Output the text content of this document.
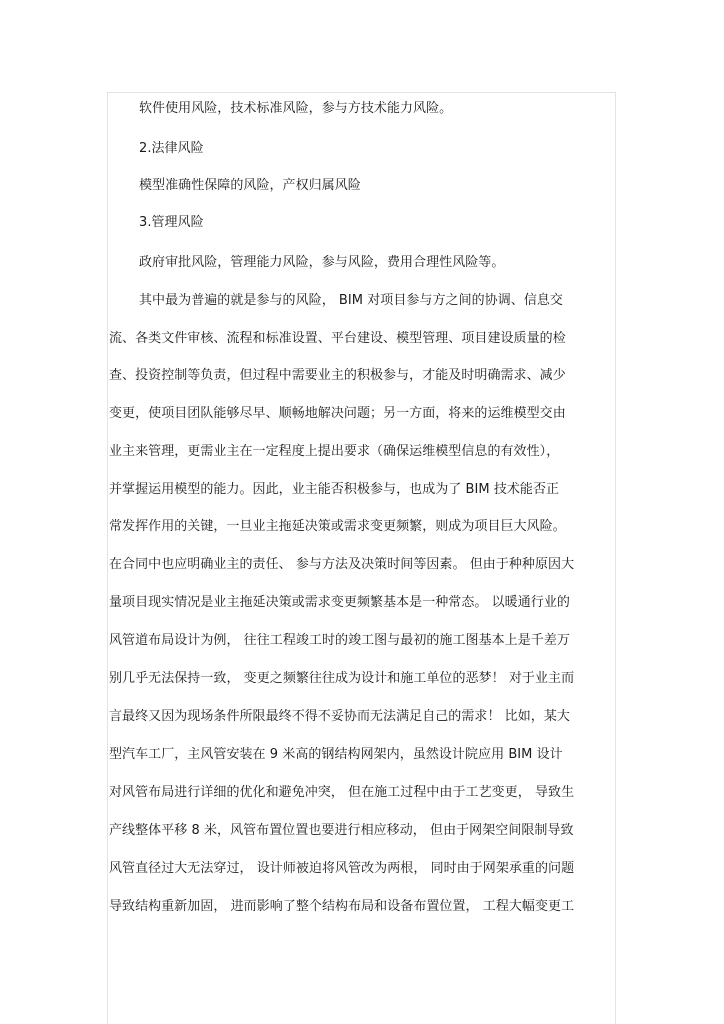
软件使用风险，技术标准风险，参与方技术能力风险。
2.法律风险
模型准确性保障的风险，产权归属风险
3.管理风险
政府审批风险，管理能力风险，参与风险，费用合理性风险等。
其中最为普遍的就是参与的风险， BIM 对项目参与方之间的协调、信息交
流、各类文件审核、流程和标准设置、平台建设、模型管理、项目建设质量的检
查、投资控制等负责，但过程中需要业主的积极参与，才能及时明确需求、减少
变更，使项目团队能够尽早、顺畅地解决问题；另一方面，将来的运维模型交由
业主来管理，更需业主在一定程度上提出要求（确保运维模型信息的有效性），
并掌握运用模型的能力。因此，业主能否积极参与，也成为了 BIM 技术能否正
常发挥作用的关键，一旦业主拖延决策或需求变更频繁，则成为项目巨大风险。
在合同中也应明确业主的责任、 参与方法及决策时间等因素。 但由于种种原因大
量项目现实情况是业主拖延决策或需求变更频繁基本是一种常态。 以暖通行业的
风管道布局设计为例， 往往工程竣工时的竣工图与最初的施工图基本上是千差万
别几乎无法保持一致， 变更之频繁往往成为设计和施工单位的恶梦！ 对于业主而
言最终又因为现场条件所限最终不得不妥协而无法满足自己的需求！ 比如，某大
型汽车工厂，主风管安装在 9 米高的钢结构网架内，虽然设计院应用 BIM 设计
对风管布局进行详细的优化和避免冲突， 但在施工过程中由于工艺变更， 导致生
产线整体平移 8 米，风管布置位置也要进行相应移动， 但由于网架空间限制导致
风管直径过大无法穿过， 设计师被迫将风管改为两根， 同时由于网架承重的问题
导致结构重新加固， 进而影响了整个结构布局和设备布置位置， 工程大幅变更工
